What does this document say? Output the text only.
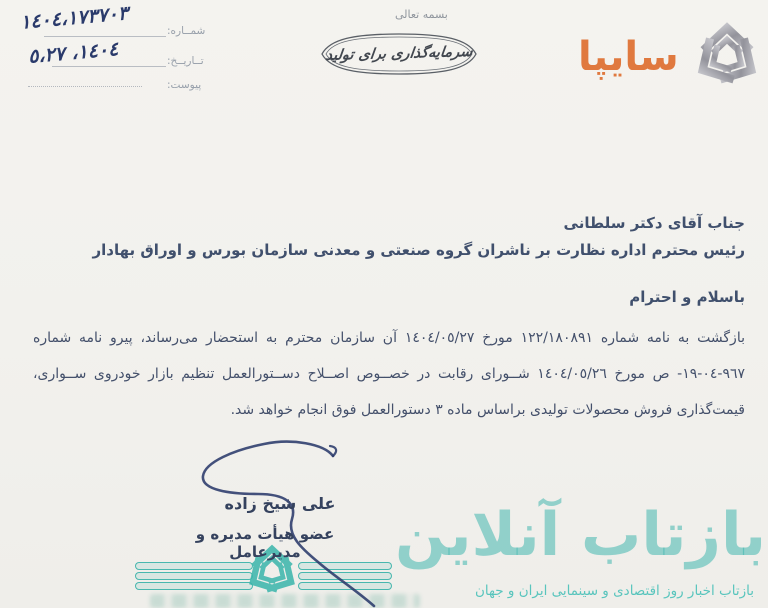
١٤٠٤،١٧٣٧٠٣	شمــاره:
١٤٠٤، ٥،٢٧	تــاریــخ:
پیوست:
بسمه تعالی
سرمایه‌گذاری برای تولید	سایپا
جناب آقای دکتر سلطانی
رئیس محترم اداره نظارت بر ناشران گروه صنعتی و معدنی سازمان بورس و اوراق بهادار
باسلام و احترام
بازگشت به نامه شماره ١٢٢/١٨٠٨٩١ مورخ ١٤٠٤/٠٥/٢٧ آن سازمان محترم به استحضار می‌رساند، پیرو نامه شماره
٩٦٧-٠٤-١٩- ص مورخ ١٤٠٤/٠٥/٢٦ شــورای رقابت در خصــوص اصــلاح دســتورالعمل تنظیم بازار خودروی ســواری،
قیمت‌گذاری فروش محصولات تولیدی براساس ماده ٣ دستورالعمل فوق انجام خواهد شد.
علی شیخ زاده
عضو هیأت مدیره و مدیرعامل	بازتاب آنلاین
بازتاب اخبار روز اقتصادی و سینمایی ایران و جهان
